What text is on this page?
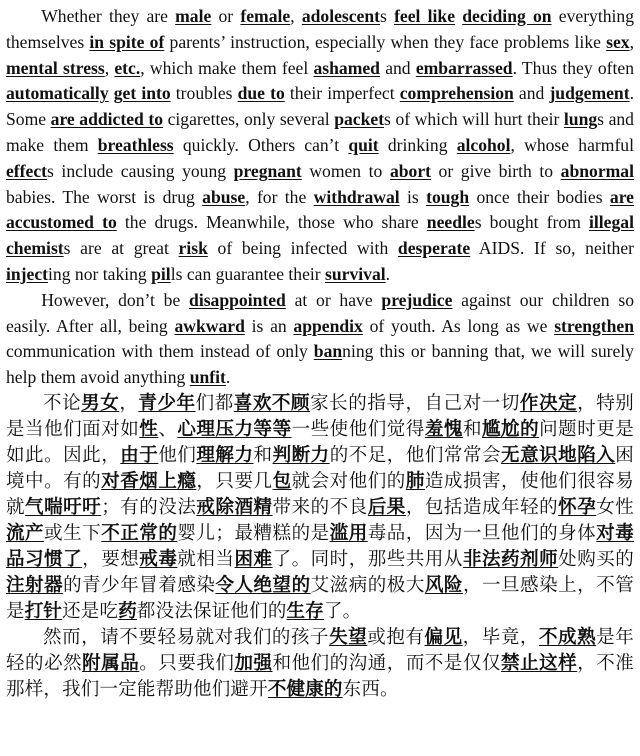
Whether they are male or female, adolescents feel like deciding on everything themselves in spite of parents’ instruction, especially when they face problems like sex, mental stress, etc., which make them feel ashamed and embarrassed. Thus they often automatically get into troubles due to their imperfect comprehension and judgement. Some are addicted to cigarettes, only several packets of which will hurt their lungs and make them breathless quickly. Others can’t quit drinking alcohol, whose harmful effects include causing young pregnant women to abort or give birth to abnormal babies. The worst is drug abuse, for the withdrawal is tough once their bodies are accustomed to the drugs. Meanwhile, those who share needles bought from illegal chemists are at great risk of being infected with desperate AIDS. If so, neither injecting nor taking pills can guarantee their survival.

However, don’t be disappointed at or have prejudice against our children so easily. After all, being awkward is an appendix of youth. As long as we strengthen communication with them instead of only banning this or banning that, we will surely help them avoid anything unfit.

不论男女，青少年们都喜欢不顾家长的指导，自己对一切作决定，特别是当他们面对如性、心理压力等等一些使他们觉得羞愧和尴尬的问题时更是如此。因此，由于他们理解力和判断力的不足，他们常常会无意识地陷入困境中。有的对香烟上瘾，只要几包就会对他们的肺造成损害，使他们很容易就气喘吁吁；有的没法戒除酒精带来的不良后果，包括造成年轻的怀孕女性流产或生下不正常的婴儿；最糟糕的是滥用毒品，因为一旦他们的身体对毒品习惯了，要想戒毒就相当困难了。同时，那些共用从非法药剂师处购买的注射器的青少年冒着感染令人绝望的艾滋病的极大风险，一旦感染上，不管是打针还是吃药都没法保证他们的生存了。

然而，请不要轻易就对我们的孩子失望或抱有偏见，毕竟，不成熟是年轻的必然附属品。只要我们加强和他们的沟通，而不是仅仅禁止这样，不准那样，我们一定能帮助他们避开不健康的东西。
